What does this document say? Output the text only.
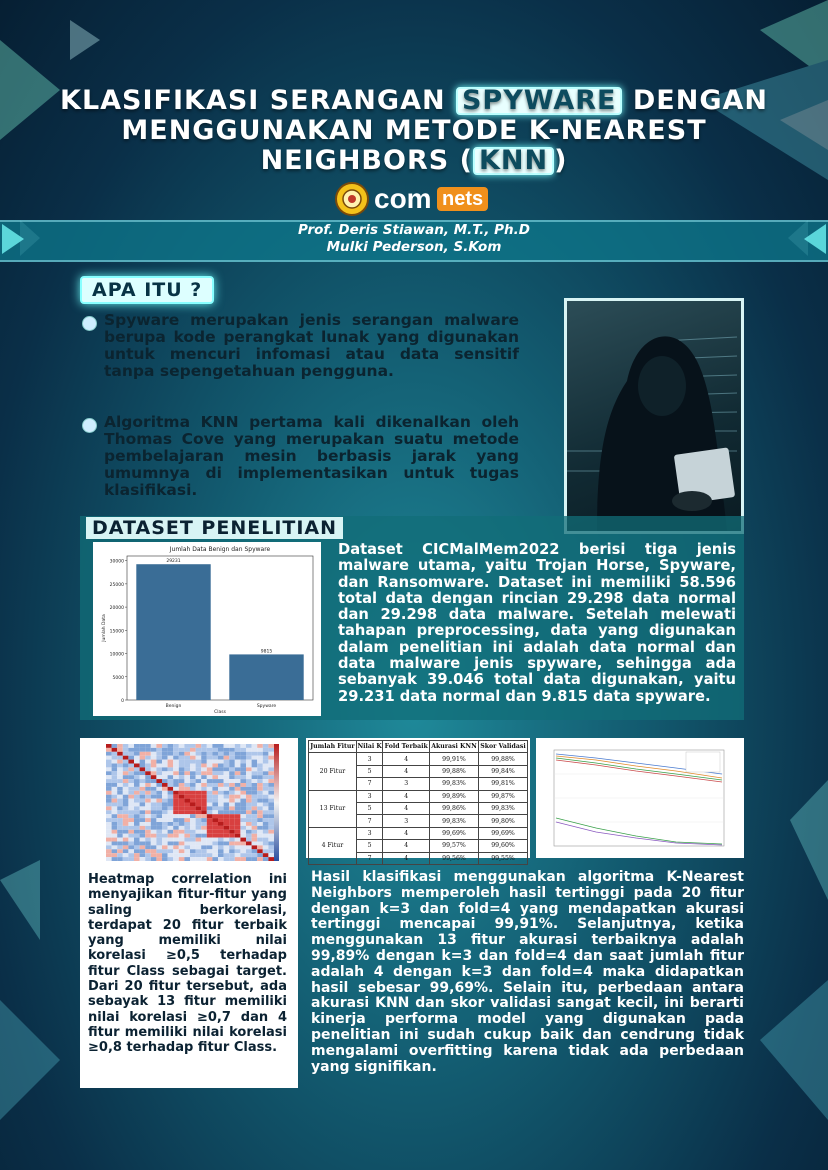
KLASIFIKASI SERANGAN SPYWARE DENGAN
MENGGUNAKAN METODE K-NEAREST
NEIGHBORS ( KNN )
com nets
Prof. Deris Stiawan, M.T., Ph.D
Mulki Pederson, S.Kom
APA ITU ?
Spyware merupakan jenis serangan malware berupa kode perangkat lunak yang digunakan untuk mencuri infomasi atau data sensitif tanpa sepengetahuan pengguna.
Algoritma KNN pertama kali dikenalkan oleh Thomas Cove yang merupakan suatu metode pembelajaran mesin berbasis jarak yang umumnya di implementasikan untuk tugas klasifikasi.
DATASET PENELITIAN
Jumlah Data Benign dan Spyware
0
5000
10000
15000
20000
25000
30000
Jumlah Data
Class
29231
Benign
9815
Spyware
Dataset CICMalMem2022 berisi tiga jenis malware utama, yaitu Trojan Horse, Spyware, dan Ransomware. Dataset ini memiliki 58.596 total data dengan rincian 29.298 data normal dan 29.298 data malware. Setelah melewati tahapan preprocessing, data yang digunakan dalam penelitian ini adalah data normal dan data malware jenis spyware, sehingga ada sebanyak 39.046 total data digunakan, yaitu 29.231 data normal dan 9.815 data spyware.
Heatmap correlation ini menyajikan fitur-fitur yang saling berkorelasi, terdapat 20 fitur terbaik yang memiliki nilai korelasi ≥0,5 terhadap fitur Class sebagai target. Dari 20 fitur tersebut, ada sebayak 13 fitur memiliki nilai korelasi ≥0,7 dan 4 fitur memiliki nilai korelasi ≥0,8 terhadap fitur Class.
Jumlah Fitur	Nilai K	Fold Terbaik	Akurasi KNN	Skor Validasi
20 Fitur	3	4	99,91%	99,88%
	5	4	99,88%	99,84%
	7	3	99,83%	99,81%
13 Fitur	3	4	99,89%	99,87%
	5	4	99,86%	99,83%
	7	3	99,83%	99,80%
4 Fitur	3	4	99,69%	99,69%
	5	4	99,57%	99,60%
	7	4	99,56%	99,55%
Hasil klasifikasi menggunakan algoritma K-Nearest Neighbors memperoleh hasil tertinggi pada 20 fitur dengan k=3 dan fold=4 yang mendapatkan akurasi tertinggi mencapai 99,91%. Selanjutnya, ketika menggunakan 13 fitur akurasi terbaiknya adalah 99,89% dengan k=3 dan fold=4 dan saat jumlah fitur adalah 4 dengan k=3 dan fold=4 maka didapatkan hasil sebesar 99,69%. Selain itu, perbedaan antara akurasi KNN dan skor validasi sangat kecil, ini berarti kinerja performa model yang digunakan pada penelitian ini sudah cukup baik dan cendrung tidak mengalami overfitting karena tidak ada perbedaan yang signifikan.
